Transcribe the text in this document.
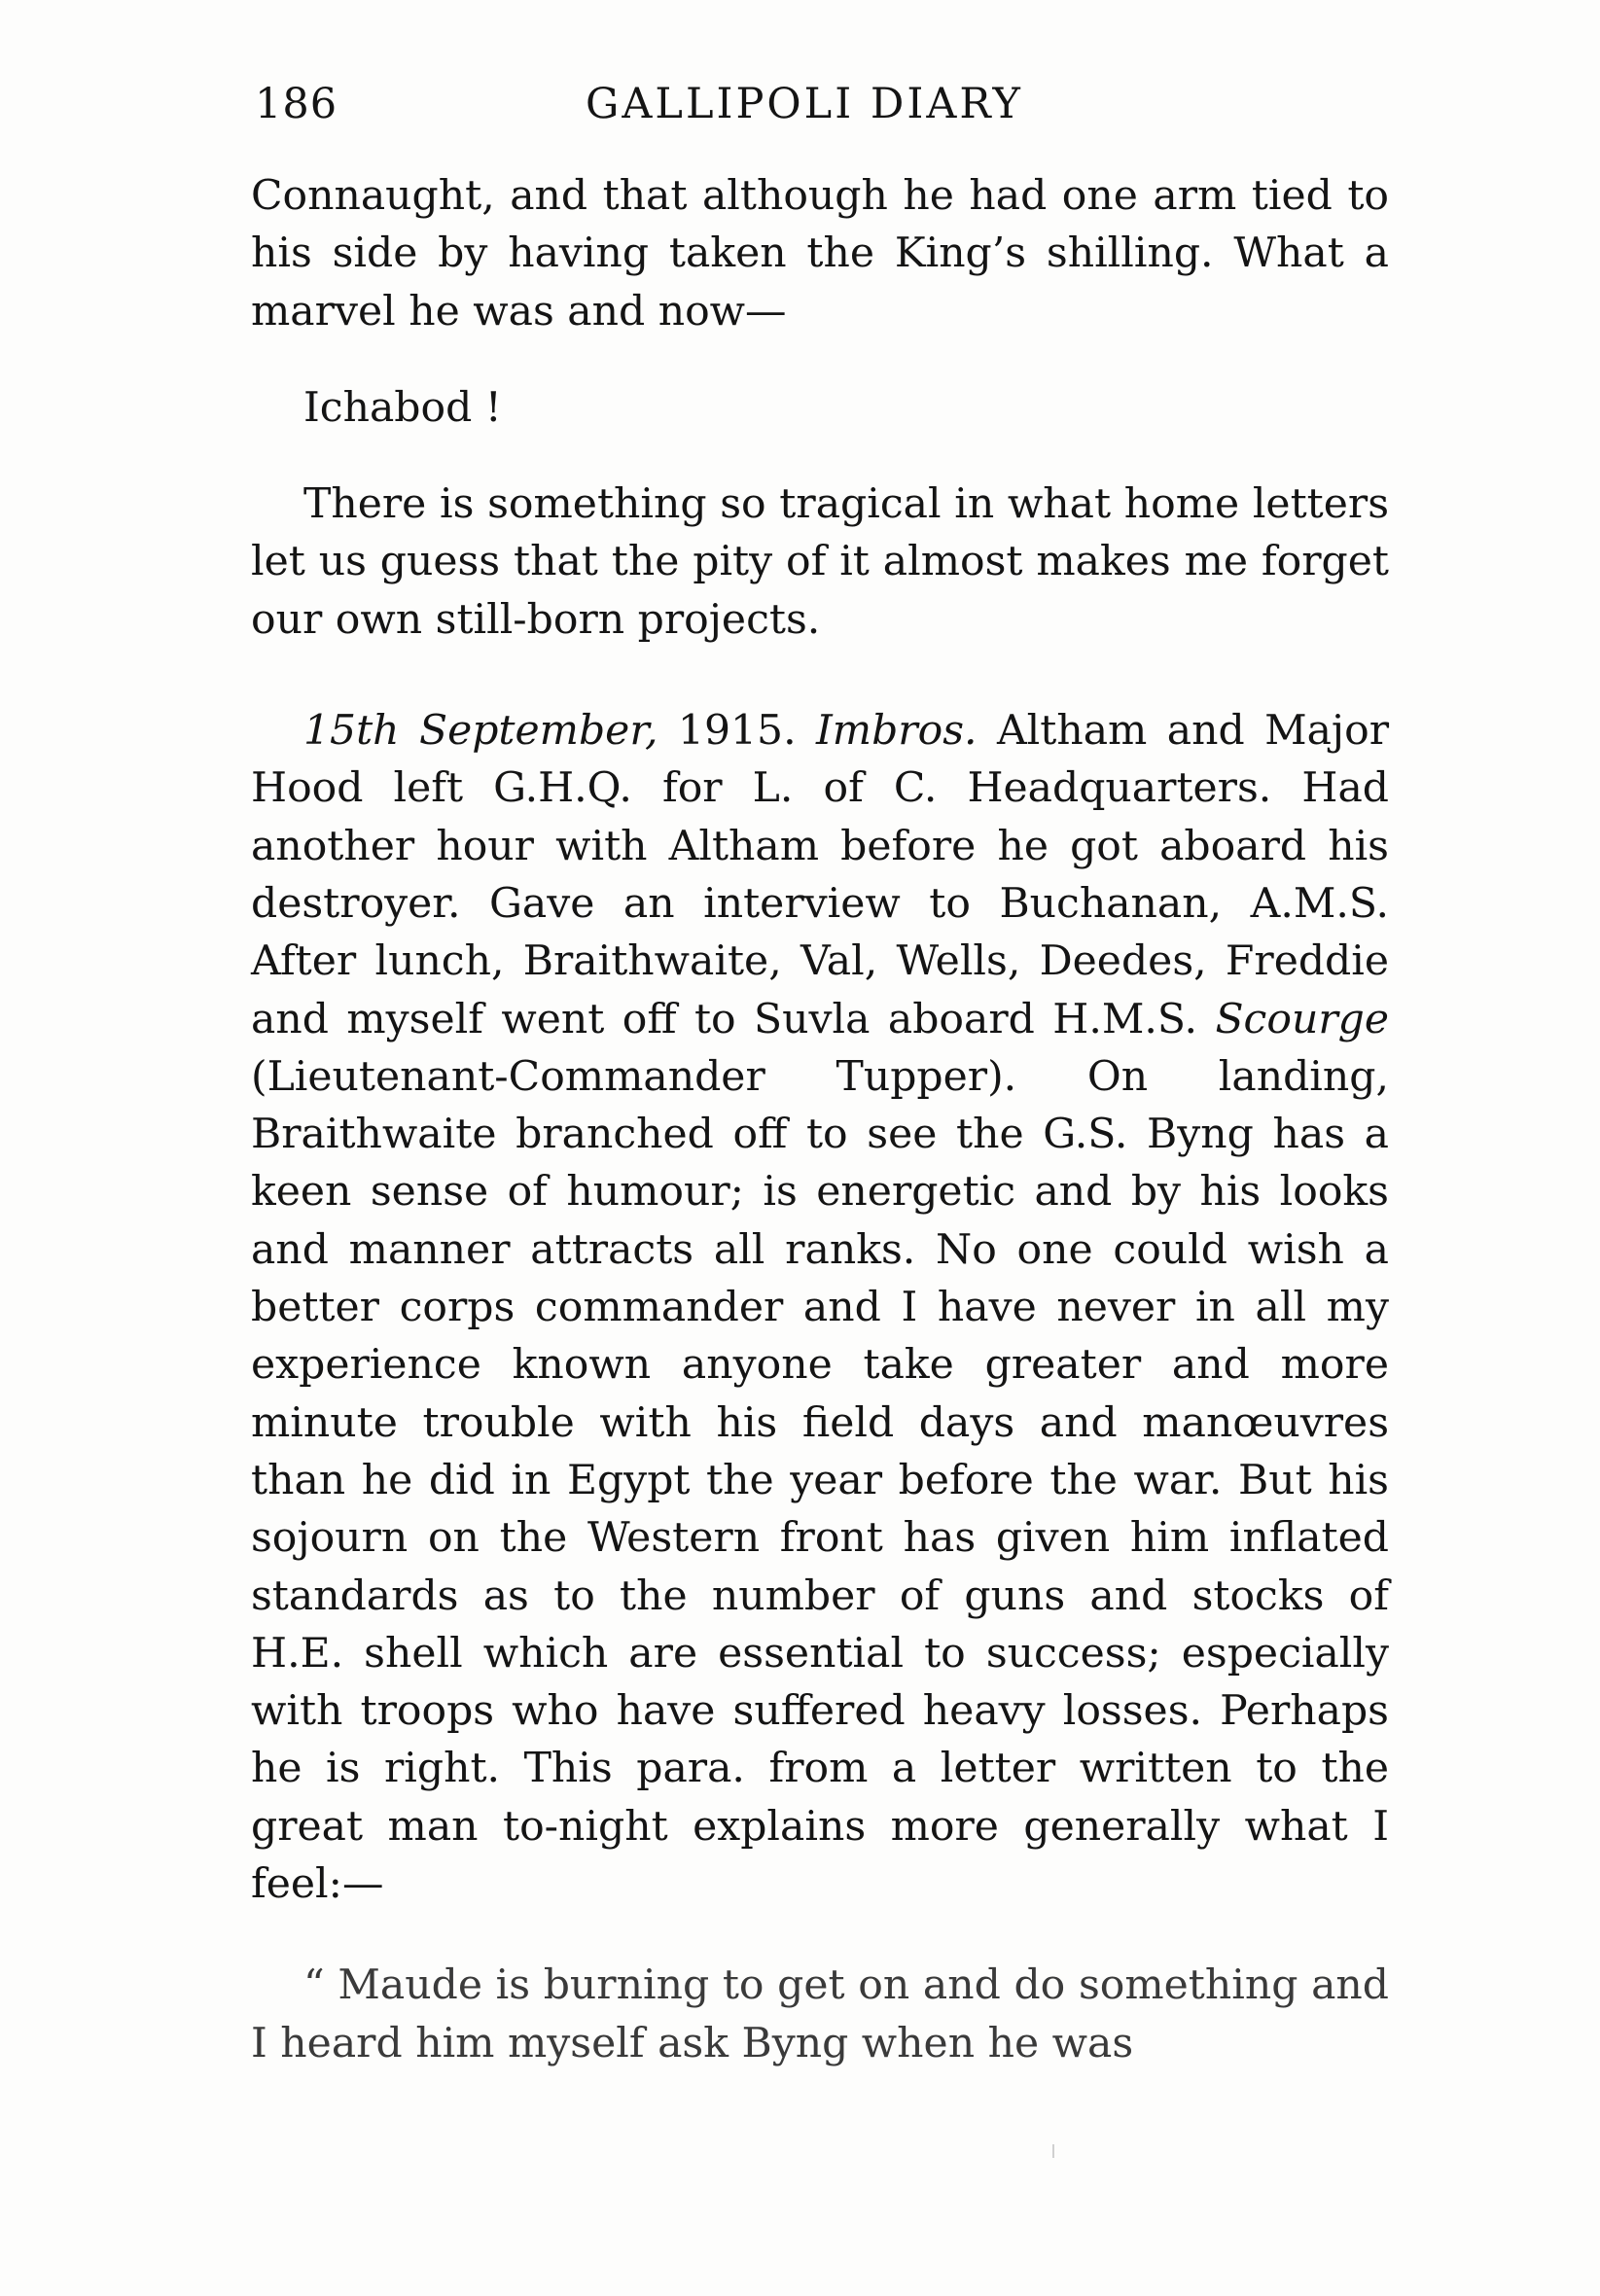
186	GALLIPOLI DIARY

Connaught, and that although he had one arm tied to his side by having taken the King’s shilling. What a marvel he was and now—

Ichabod !

There is something so tragical in what home letters let us guess that the pity of it almost makes me forget our own still-born projects.

15th September, 1915. Imbros. Altham and Major Hood left G.H.Q. for L. of C. Headquarters. Had another hour with Altham before he got aboard his destroyer. Gave an interview to Buchanan, A.M.S. After lunch, Braithwaite, Val, Wells, Deedes, Freddie and myself went off to Suvla aboard H.M.S. Scourge (Lieutenant-Commander Tupper). On landing, Braithwaite branched off to see the G.S. Byng has a keen sense of humour; is energetic and by his looks and manner attracts all ranks. No one could wish a better corps commander and I have never in all my experience known anyone take greater and more minute trouble with his field days and manœuvres than he did in Egypt the year before the war. But his sojourn on the Western front has given him inflated standards as to the number of guns and stocks of H.E. shell which are essential to success; especially with troops who have suffered heavy losses. Perhaps he is right. This para. from a letter written to the great man to-night explains more generally what I feel:—

“ Maude is burning to get on and do something and I heard him myself ask Byng when he was
